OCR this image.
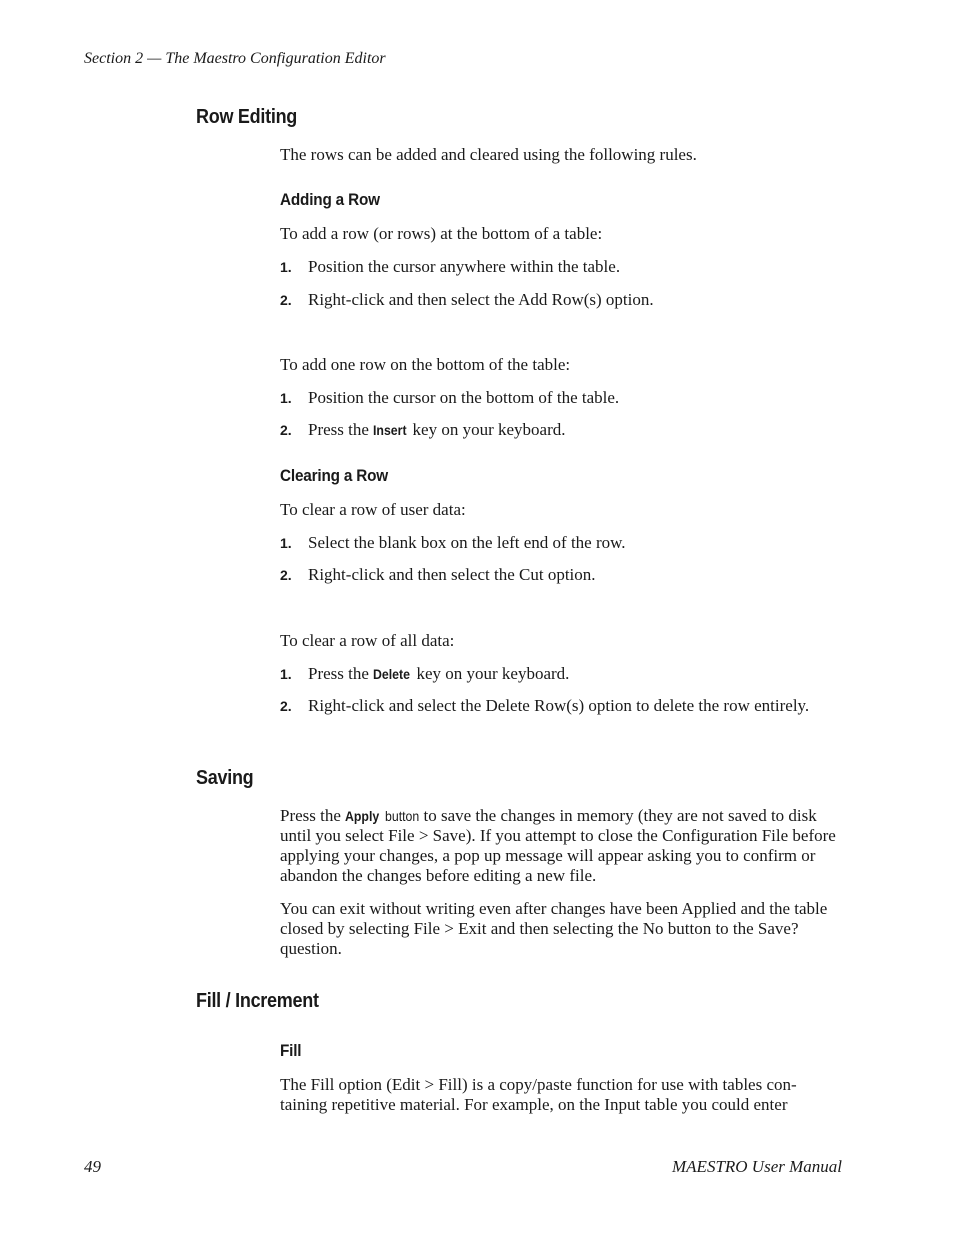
Section 2 — The Maestro Configuration Editor
Row Editing
The rows can be added and cleared using the following rules.
Adding a Row
To add a row (or rows) at the bottom of a table:
1. Position the cursor anywhere within the table.
2. Right-click and then select the Add Row(s) option.
To add one row on the bottom of the table:
1. Position the cursor on the bottom of the table.
2. Press the Insert key on your keyboard.
Clearing a Row
To clear a row of user data:
1. Select the blank box on the left end of the row.
2. Right-click and then select the Cut option.
To clear a row of all data:
1. Press the Delete key on your keyboard.
2. Right-click and select the Delete Row(s) option to delete the row entirely.
Saving
Press the Apply button to save the changes in memory (they are not saved to disk until you select File > Save). If you attempt to close the Configuration File before applying your changes, a pop up message will appear asking you to confirm or abandon the changes before editing a new file.
You can exit without writing even after changes have been Applied and the table closed by selecting File > Exit and then selecting the No button to the Save? question.
Fill / Increment
Fill
The Fill option (Edit > Fill) is a copy/paste function for use with tables con-taining repetitive material. For example, on the Input table you could enter
49	MAESTRO User Manual
